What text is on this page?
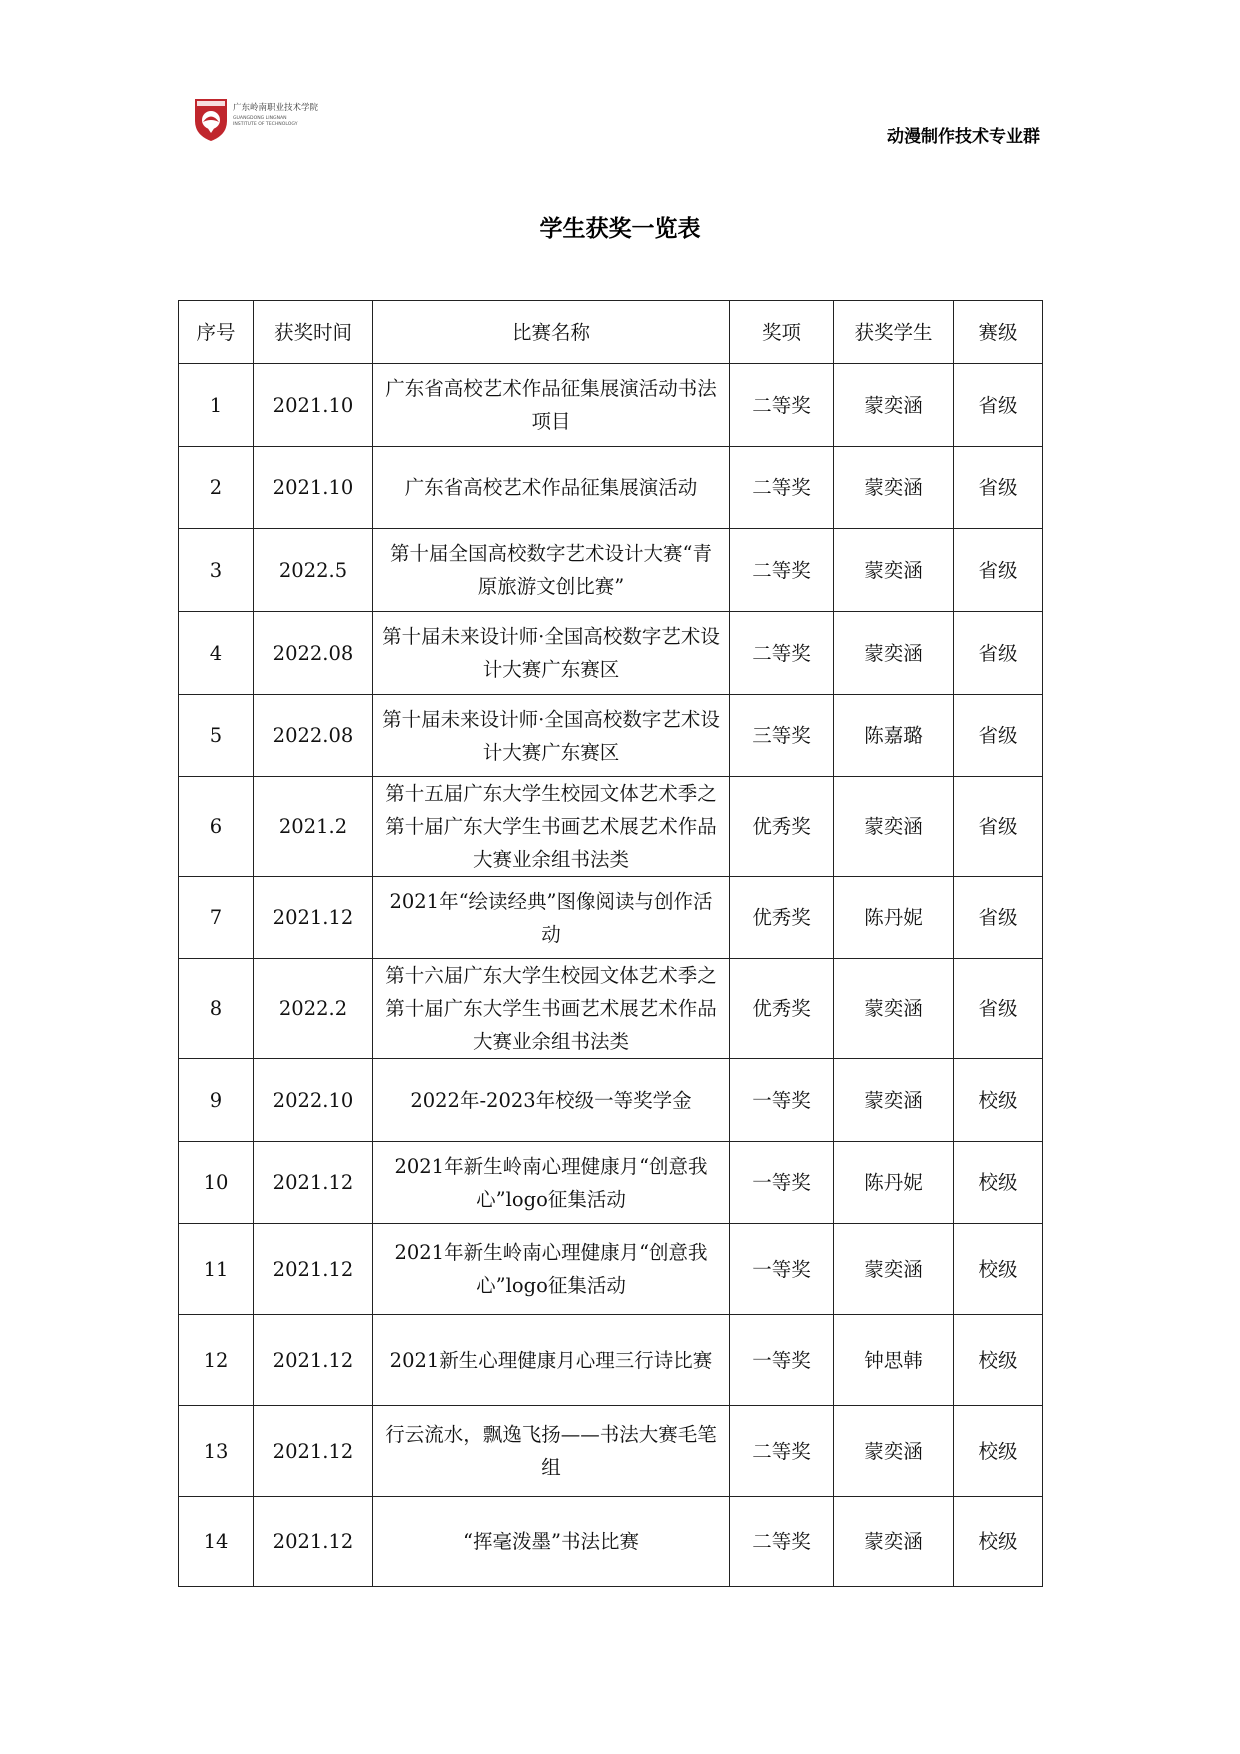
广东岭南职业技术学院
GUANGDONG LINGNAN
INSTITUTE OF TECHNOLOGY
动漫制作技术专业群
学生获奖一览表
序号	获奖时间	比赛名称	奖项	获奖学生	赛级
1	2021.10	广东省高校艺术作品征集展演活动书法项目	二等奖	蒙奕涵	省级
2	2021.10	广东省高校艺术作品征集展演活动	二等奖	蒙奕涵	省级
3	2022.5	第十届全国高校数字艺术设计大赛“青原旅游文创比赛”	二等奖	蒙奕涵	省级
4	2022.08	第十届未来设计师·全国高校数字艺术设计大赛广东赛区	二等奖	蒙奕涵	省级
5	2022.08	第十届未来设计师·全国高校数字艺术设计大赛广东赛区	三等奖	陈嘉璐	省级
6	2021.2	第十五届广东大学生校园文体艺术季之第十届广东大学生书画艺术展艺术作品大赛业余组书法类	优秀奖	蒙奕涵	省级
7	2021.12	2021年“绘读经典”图像阅读与创作活动	优秀奖	陈丹妮	省级
8	2022.2	第十六届广东大学生校园文体艺术季之第十届广东大学生书画艺术展艺术作品大赛业余组书法类	优秀奖	蒙奕涵	省级
9	2022.10	2022年-2023年校级一等奖学金	一等奖	蒙奕涵	校级
10	2021.12	2021年新生岭南心理健康月“创意我心”logo征集活动	一等奖	陈丹妮	校级
11	2021.12	2021年新生岭南心理健康月“创意我心”logo征集活动	一等奖	蒙奕涵	校级
12	2021.12	2021新生心理健康月心理三行诗比赛	一等奖	钟思韩	校级
13	2021.12	行云流水，飘逸飞扬——书法大赛毛笔组	二等奖	蒙奕涵	校级
14	2021.12	“挥毫泼墨”书法比赛	二等奖	蒙奕涵	校级
